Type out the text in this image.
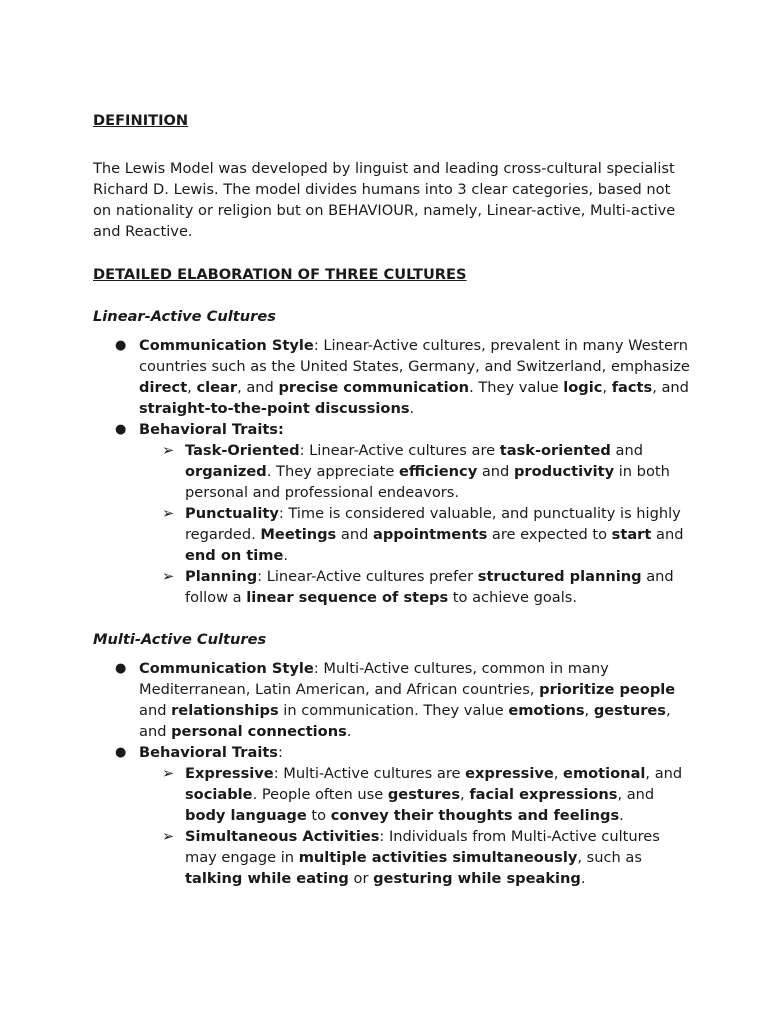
DEFINITION

The Lewis Model was developed by linguist and leading cross-cultural specialist Richard D. Lewis. The model divides humans into 3 clear categories, based not on nationality or religion but on BEHAVIOUR, namely, Linear-active, Multi-active and Reactive.

DETAILED ELABORATION OF THREE CULTURES

Linear-Active Cultures

● Communication Style: Linear-Active cultures, prevalent in many Western countries such as the United States, Germany, and Switzerland, emphasize direct, clear, and precise communication. They value logic, facts, and straight-to-the-point discussions.
● Behavioral Traits:
➢ Task-Oriented: Linear-Active cultures are task-oriented and organized. They appreciate efficiency and productivity in both personal and professional endeavors.
➢ Punctuality: Time is considered valuable, and punctuality is highly regarded. Meetings and appointments are expected to start and end on time.
➢ Planning: Linear-Active cultures prefer structured planning and follow a linear sequence of steps to achieve goals.

Multi-Active Cultures

● Communication Style: Multi-Active cultures, common in many Mediterranean, Latin American, and African countries, prioritize people and relationships in communication. They value emotions, gestures, and personal connections.
● Behavioral Traits:
➢ Expressive: Multi-Active cultures are expressive, emotional, and sociable. People often use gestures, facial expressions, and body language to convey their thoughts and feelings.
➢ Simultaneous Activities: Individuals from Multi-Active cultures may engage in multiple activities simultaneously, such as talking while eating or gesturing while speaking.
